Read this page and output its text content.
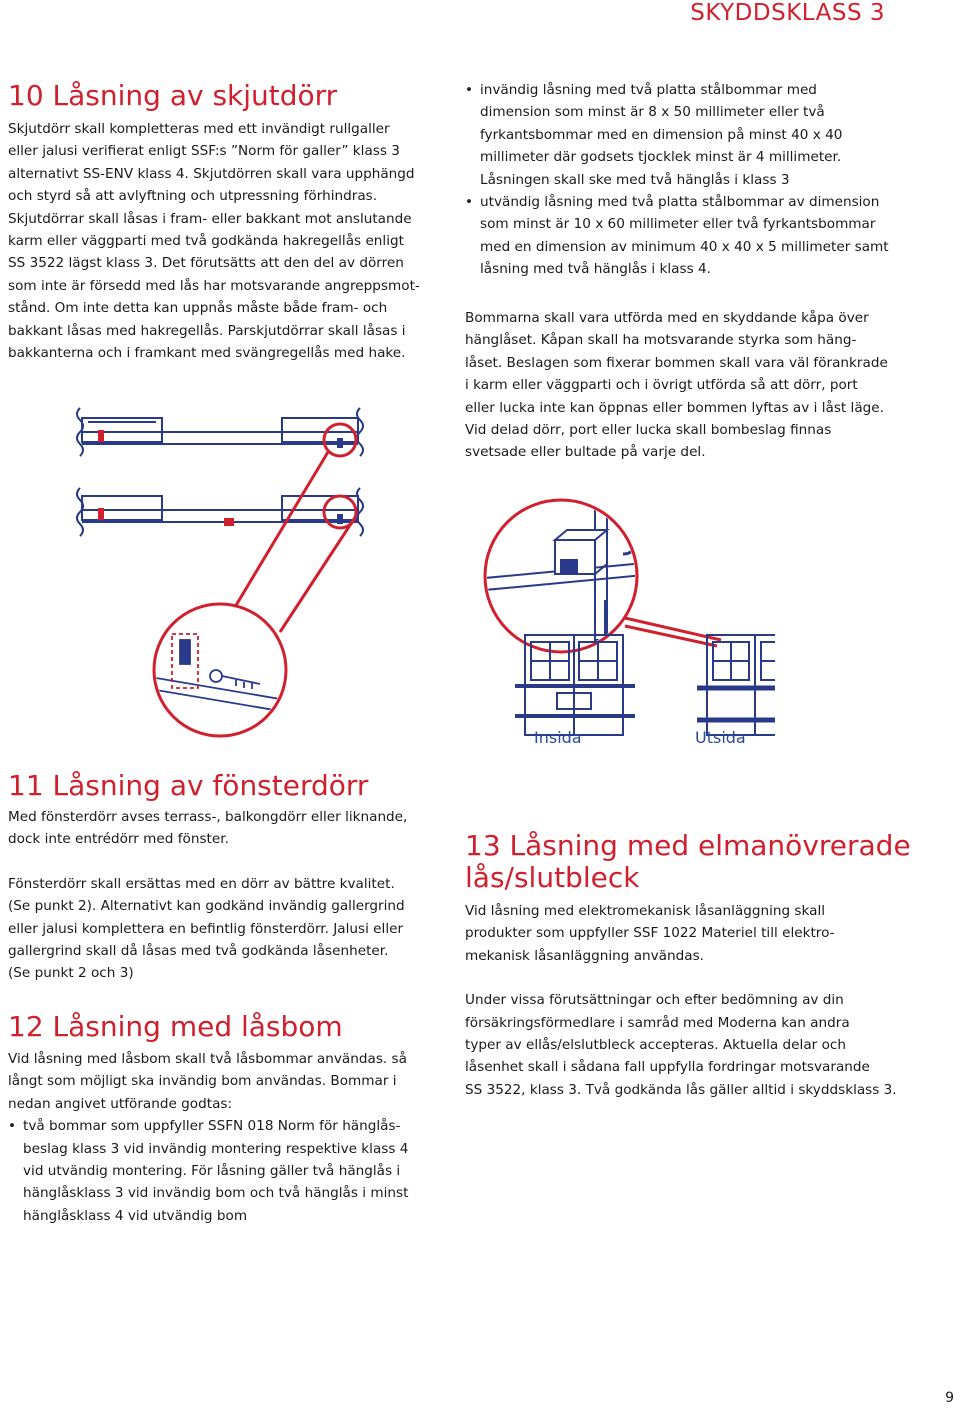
SKYDDSKLASS 3
10 Låsning av skjutdörr
Skjutdörr skall kompletteras med ett invändigt rullgaller
eller jalusi verifierat enligt SSF:s ”Norm för galler” klass 3
alternativt SS-ENV klass 4. Skjutdörren skall vara upphängd
och styrd så att avlyftning och utpressning förhindras.
Skjutdörrar skall låsas i fram- eller bakkant mot anslutande
karm eller väggparti med två godkända hakregellås enligt
SS 3522 lägst klass 3. Det förutsätts att den del av dörren
som inte är försedd med lås har motsvarande angreppsmot-
stånd. Om inte detta kan uppnås måste både fram- och
bakkant låsas med hakregellås. Parskjutdörrar skall låsas i
bakkanterna och i framkant med svängregellås med hake.
• invändig låsning med två platta stålbommar med
dimension som minst är 8 x 50 millimeter eller två
fyrkantsbommar med en dimension på minst 40 x 40
millimeter där godsets tjocklek minst är 4 millimeter.
Låsningen skall ske med två hänglås i klass 3
• utvändig låsning med två platta stålbommar av dimension
som minst är 10 x 60 millimeter eller två fyrkantsbommar
med en dimension av minimum 40 x 40 x 5 millimeter samt
låsning med två hänglås i klass 4.
Bommarna skall vara utförda med en skyddande kåpa över
hänglåset. Kåpan skall ha motsvarande styrka som häng-
låset. Beslagen som fixerar bommen skall vara väl förankrade
i karm eller väggparti och i övrigt utförda så att dörr, port
eller lucka inte kan öppnas eller bommen lyftas av i låst läge.
Vid delad dörr, port eller lucka skall bombeslag finnas
svetsade eller bultade på varje del.
Insida	Utsida
11 Låsning av fönsterdörr
Med fönsterdörr avses terrass-, balkongdörr eller liknande,
dock inte entrédörr med fönster.
Fönsterdörr skall ersättas med en dörr av bättre kvalitet.
(Se punkt 2). Alternativt kan godkänd invändig gallergrind
eller jalusi komplettera en befintlig fönsterdörr. Jalusi eller
gallergrind skall då låsas med två godkända låsenheter.
(Se punkt 2 och 3)
12 Låsning med låsbom
Vid låsning med låsbom skall två låsbommar användas. så
långt som möjligt ska invändig bom användas. Bommar i
nedan angivet utförande godtas:
• två bommar som uppfyller SSFN 018 Norm för hänglås-
beslag klass 3 vid invändig montering respektive klass 4
vid utvändig montering. För låsning gäller två hänglås i
hänglåsklass 3 vid invändig bom och två hänglås i minst
hänglåsklass 4 vid utvändig bom
13 Låsning med elmanövrerade
lås/slutbleck
Vid låsning med elektromekanisk låsanläggning skall
produkter som uppfyller SSF 1022 Materiel till elektro-
mekanisk låsanläggning användas.
Under vissa förutsättningar och efter bedömning av din
försäkringsförmedlare i samråd med Moderna kan andra
typer av ellås/elslutbleck accepteras. Aktuella delar och
låsenhet skall i sådana fall uppfylla fordringar motsvarande
SS 3522, klass 3. Två godkända lås gäller alltid i skyddsklass 3.
9
